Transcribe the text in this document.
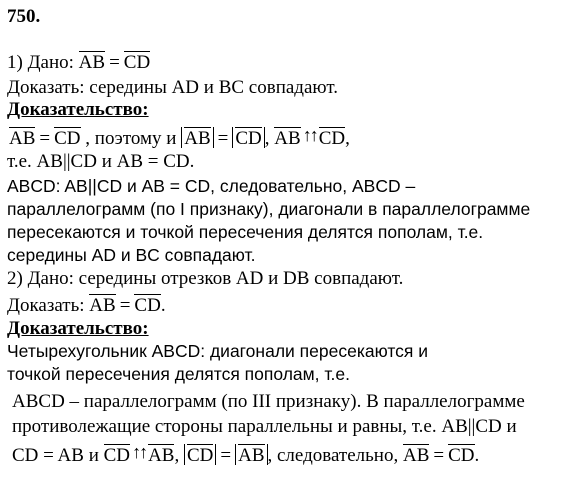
750.
1) Дано: AB = CD
Доказать: середины AD и BC совпадают.
Доказательство:
AB = CD , поэтому и AB = CD , AB ↑↑ CD,
т.е. AB||CD и AB = CD.
ABCD: AB||CD и AB = CD, следовательно, ABCD –
параллелограмм (по I признаку), диагонали в параллелограмме
пересекаются и точкой пересечения делятся пополам, т.е.
середины AD и BC совпадают.
2) Дано: середины отрезков AD и DB совпадают.
Доказать: AB = CD.
Доказательство:
Четырехугольник ABCD: диагонали пересекаются и
точкой пересечения делятся пополам, т.е.
ABCD – параллелограмм (по III признаку). В параллелограмме
противолежащие стороны параллельны и равны, т.е. AB||CD и
CD = AB и CD ↑↑ AB, CD = AB , следовательно, AB = CD.
